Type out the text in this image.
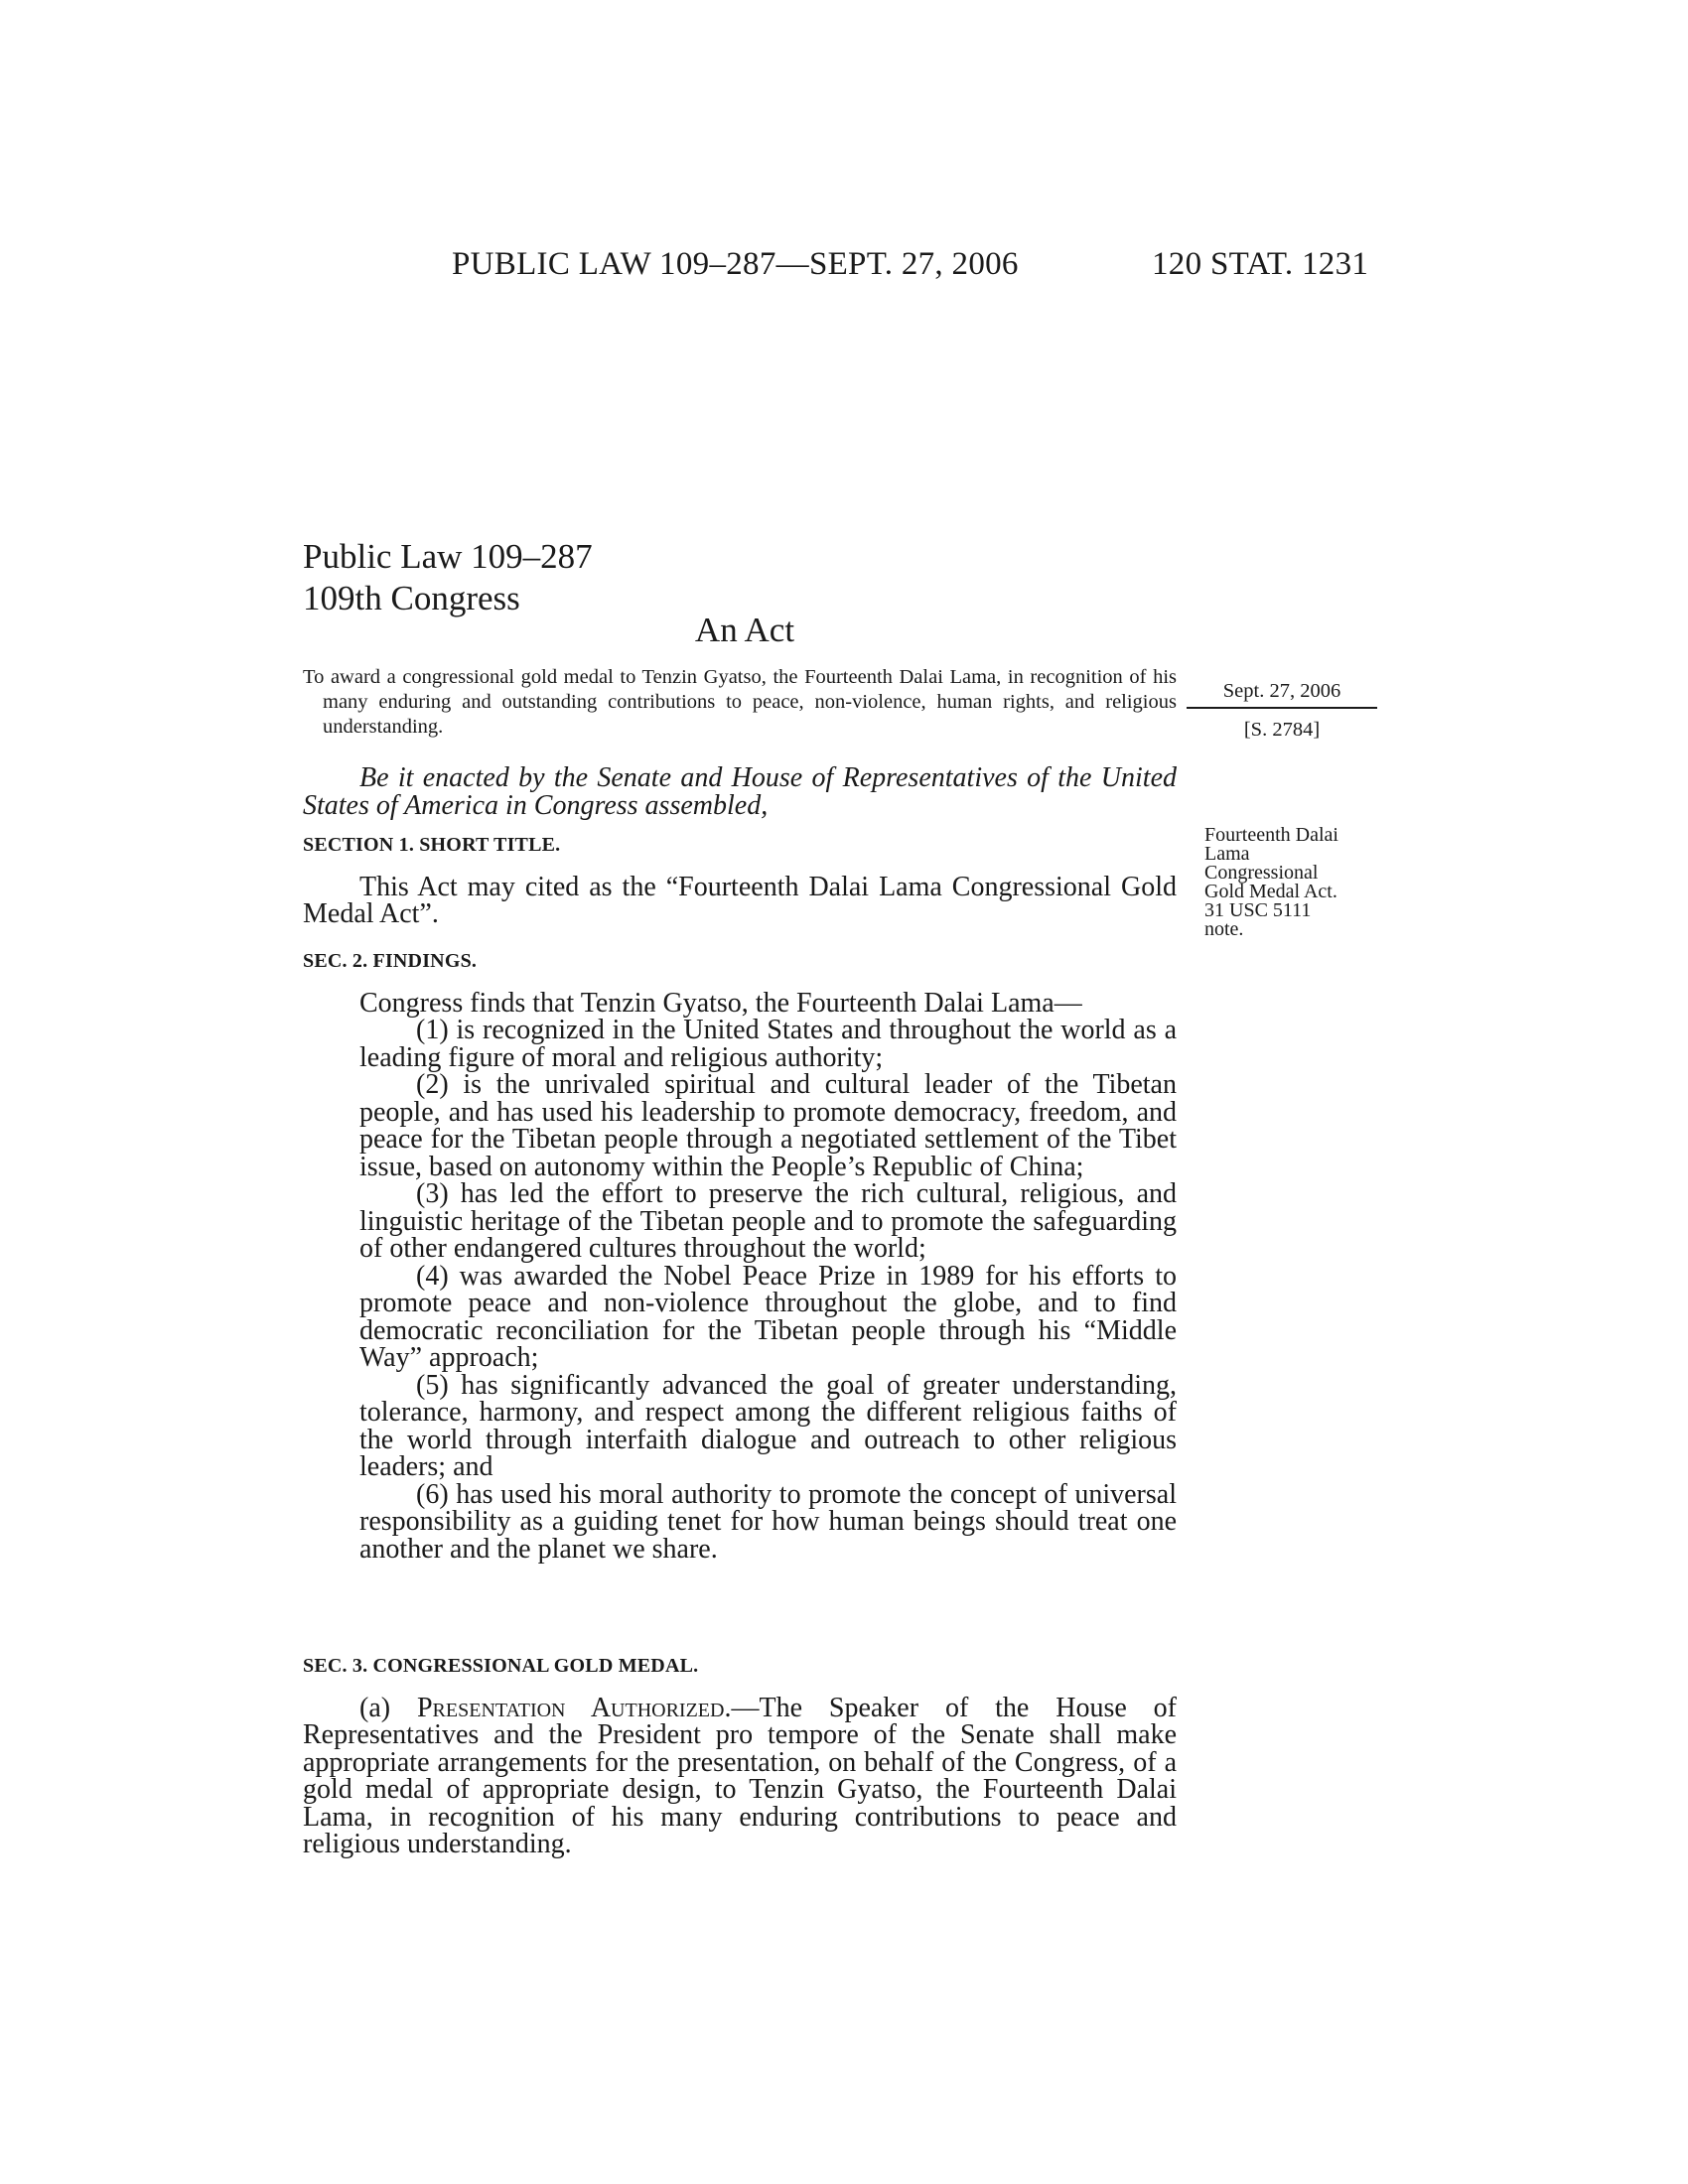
PUBLIC LAW 109–287—SEPT. 27, 2006	120 STAT. 1231
Public Law 109–287
109th Congress
An Act

To award a congressional gold medal to Tenzin Gyatso, the Fourteenth Dalai Lama, in recognition of his many enduring and outstanding contributions to peace, non-violence, human rights, and religious understanding.

Sept. 27, 2006
[S. 2784]
Fourteenth Dalai
Lama
Congressional
Gold Medal Act.
31 USC 5111
note.

Be it enacted by the Senate and House of Representatives of the United States of America in Congress assembled,

SECTION 1. SHORT TITLE.

This Act may cited as the “Fourteenth Dalai Lama Congressional Gold Medal Act”.

SEC. 2. FINDINGS.

Congress finds that Tenzin Gyatso, the Fourteenth Dalai Lama—

(1) is recognized in the United States and throughout the world as a leading figure of moral and religious authority;

(2) is the unrivaled spiritual and cultural leader of the Tibetan people, and has used his leadership to promote democracy, freedom, and peace for the Tibetan people through a negotiated settlement of the Tibet issue, based on autonomy within the People’s Republic of China;

(3) has led the effort to preserve the rich cultural, religious, and linguistic heritage of the Tibetan people and to promote the safeguarding of other endangered cultures throughout the world;

(4) was awarded the Nobel Peace Prize in 1989 for his efforts to promote peace and non-violence throughout the globe, and to find democratic reconciliation for the Tibetan people through his “Middle Way” approach;

(5) has significantly advanced the goal of greater understanding, tolerance, harmony, and respect among the different religious faiths of the world through interfaith dialogue and outreach to other religious leaders; and

(6) has used his moral authority to promote the concept of universal responsibility as a guiding tenet for how human beings should treat one another and the planet we share.

SEC. 3. CONGRESSIONAL GOLD MEDAL.

(a) Presentation Authorized.—The Speaker of the House of Representatives and the President pro tempore of the Senate shall make appropriate arrangements for the presentation, on behalf of the Congress, of a gold medal of appropriate design, to Tenzin Gyatso, the Fourteenth Dalai Lama, in recognition of his many enduring contributions to peace and religious understanding.
